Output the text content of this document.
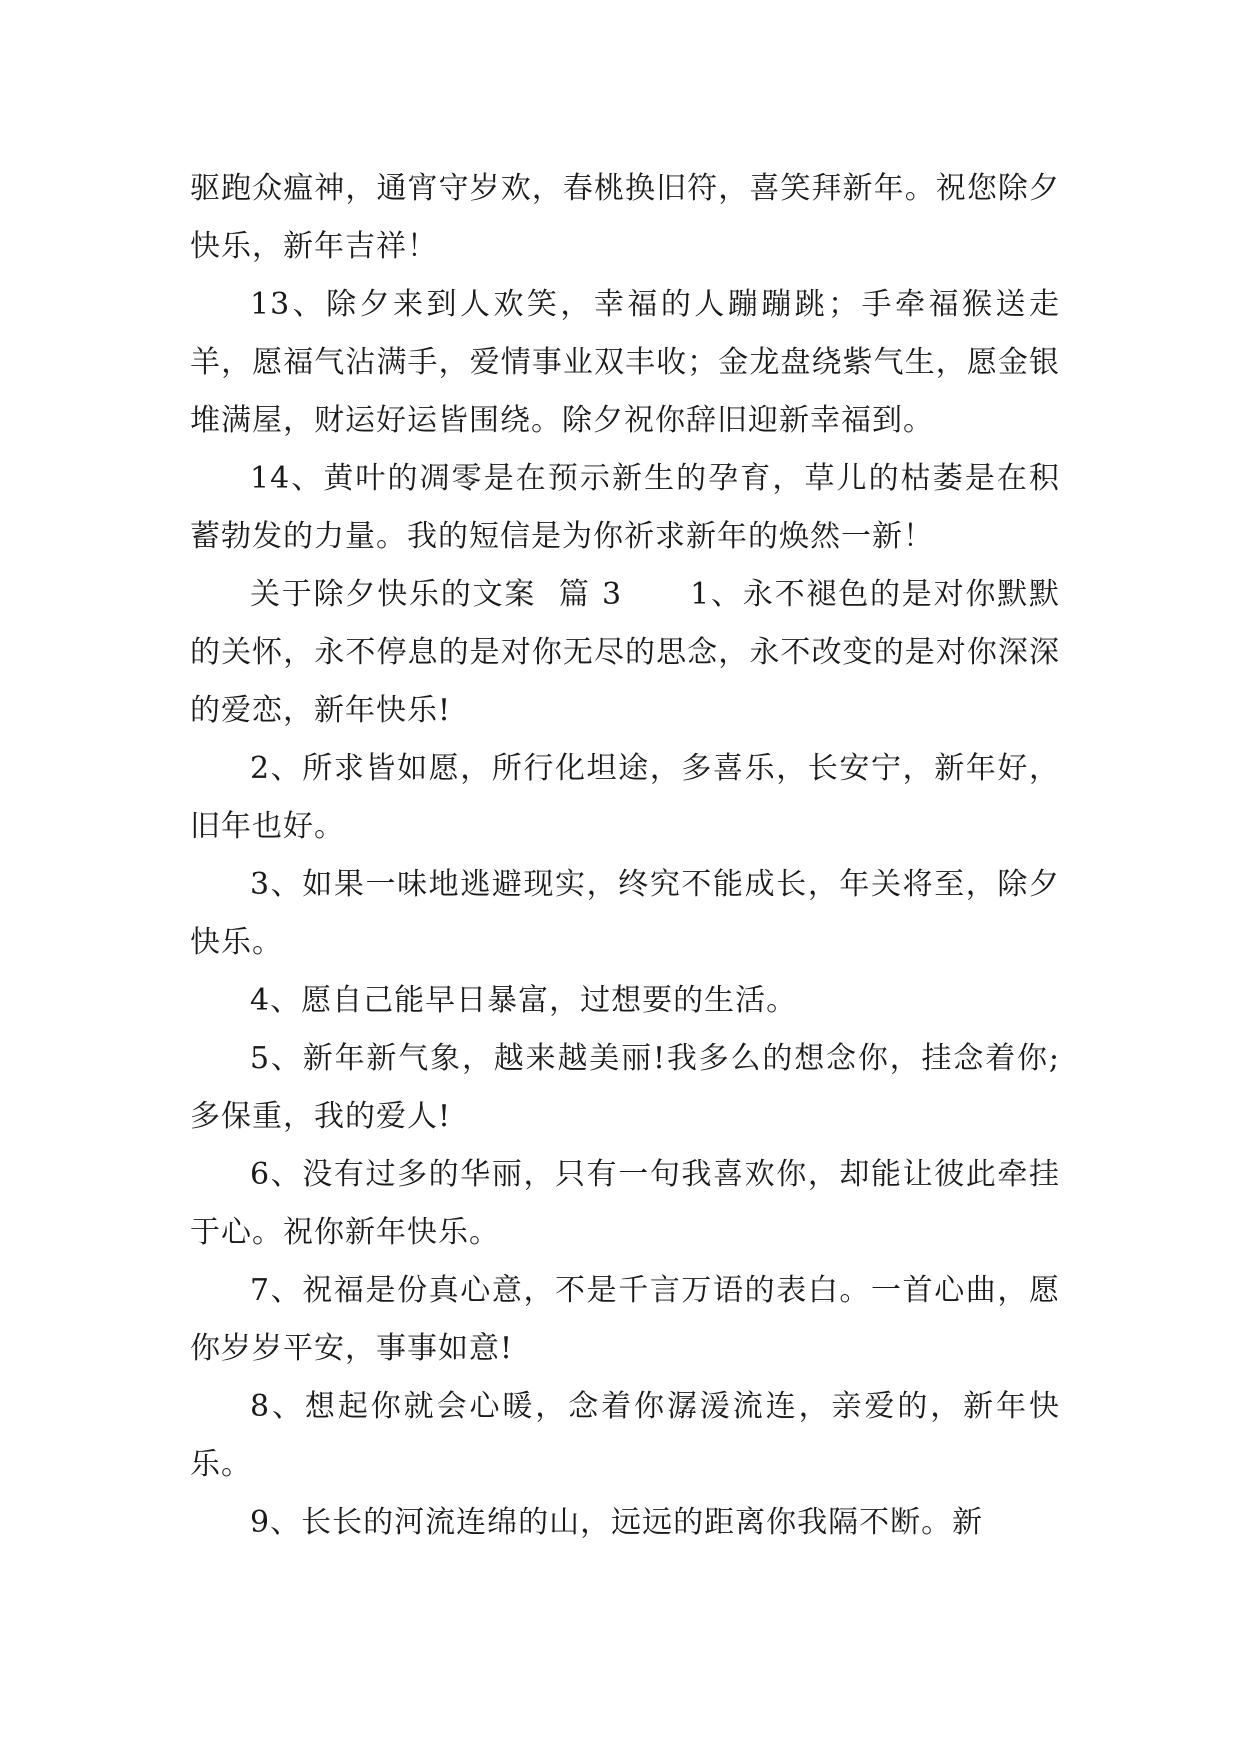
驱跑众瘟神，通宵守岁欢，春桃换旧符，喜笑拜新年。祝您除夕快乐，新年吉祥！

13、除夕来到人欢笑，幸福的人蹦蹦跳；手牵福猴送走羊，愿福气沾满手，爱情事业双丰收；金龙盘绕紫气生，愿金银堆满屋，财运好运皆围绕。除夕祝你辞旧迎新幸福到。

14、黄叶的凋零是在预示新生的孕育，草儿的枯萎是在积蓄勃发的力量。我的短信是为你祈求新年的焕然一新！

关于除夕快乐的文案  篇 3      1、永不褪色的是对你默默的关怀，永不停息的是对你无尽的思念，永不改变的是对你深深的爱恋，新年快乐!

2、所求皆如愿，所行化坦途，多喜乐，长安宁，新年好，旧年也好。

3、如果一味地逃避现实，终究不能成长，年关将至，除夕快乐。

4、愿自己能早日暴富，过想要的生活。

5、新年新气象，越来越美丽!我多么的想念你，挂念着你;多保重，我的爱人!

6、没有过多的华丽，只有一句我喜欢你，却能让彼此牵挂于心。祝你新年快乐。

7、祝福是份真心意，不是千言万语的表白。一首心曲，愿你岁岁平安，事事如意!

8、想起你就会心暖，念着你潺湲流连，亲爱的，新年快乐。

9、长长的河流连绵的山，远远的距离你我隔不断。新
